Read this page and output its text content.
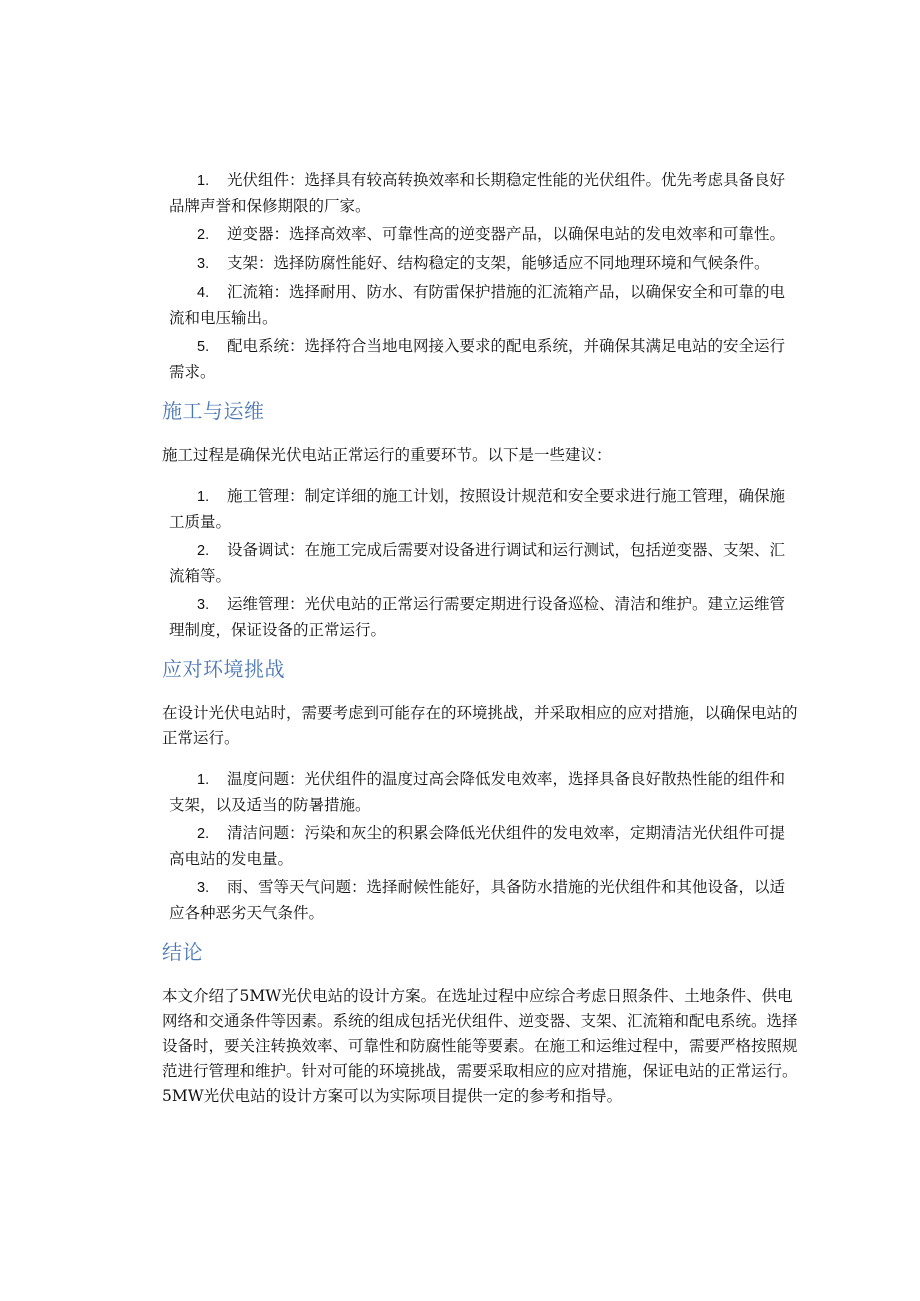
1. 光伏组件：选择具有较高转换效率和长期稳定性能的光伏组件。优先考虑具备良好品牌声誉和保修期限的厂家。
2. 逆变器：选择高效率、可靠性高的逆变器产品，以确保电站的发电效率和可靠性。
3. 支架：选择防腐性能好、结构稳定的支架，能够适应不同地理环境和气候条件。
4. 汇流箱：选择耐用、防水、有防雷保护措施的汇流箱产品，以确保安全和可靠的电流和电压输出。
5. 配电系统：选择符合当地电网接入要求的配电系统，并确保其满足电站的安全运行需求。
施工与运维

施工过程是确保光伏电站正常运行的重要环节。以下是一些建议：

1. 施工管理：制定详细的施工计划，按照设计规范和安全要求进行施工管理，确保施工质量。
2. 设备调试：在施工完成后需要对设备进行调试和运行测试，包括逆变器、支架、汇流箱等。
3. 运维管理：光伏电站的正常运行需要定期进行设备巡检、清洁和维护。建立运维管理制度，保证设备的正常运行。
应对环境挑战

在设计光伏电站时，需要考虑到可能存在的环境挑战，并采取相应的应对措施，以确保电站的正常运行。

1. 温度问题：光伏组件的温度过高会降低发电效率，选择具备良好散热性能的组件和支架，以及适当的防暑措施。
2. 清洁问题：污染和灰尘的积累会降低光伏组件的发电效率，定期清洁光伏组件可提高电站的发电量。
3. 雨、雪等天气问题：选择耐候性能好，具备防水措施的光伏组件和其他设备，以适应各种恶劣天气条件。
结论

本文介绍了5MW光伏电站的设计方案。在选址过程中应综合考虑日照条件、土地条件、供电网络和交通条件等因素。系统的组成包括光伏组件、逆变器、支架、汇流箱和配电系统。选择设备时，要关注转换效率、可靠性和防腐性能等要素。在施工和运维过程中，需要严格按照规范进行管理和维护。针对可能的环境挑战，需要采取相应的应对措施，保证电站的正常运行。5MW光伏电站的设计方案可以为实际项目提供一定的参考和指导。
